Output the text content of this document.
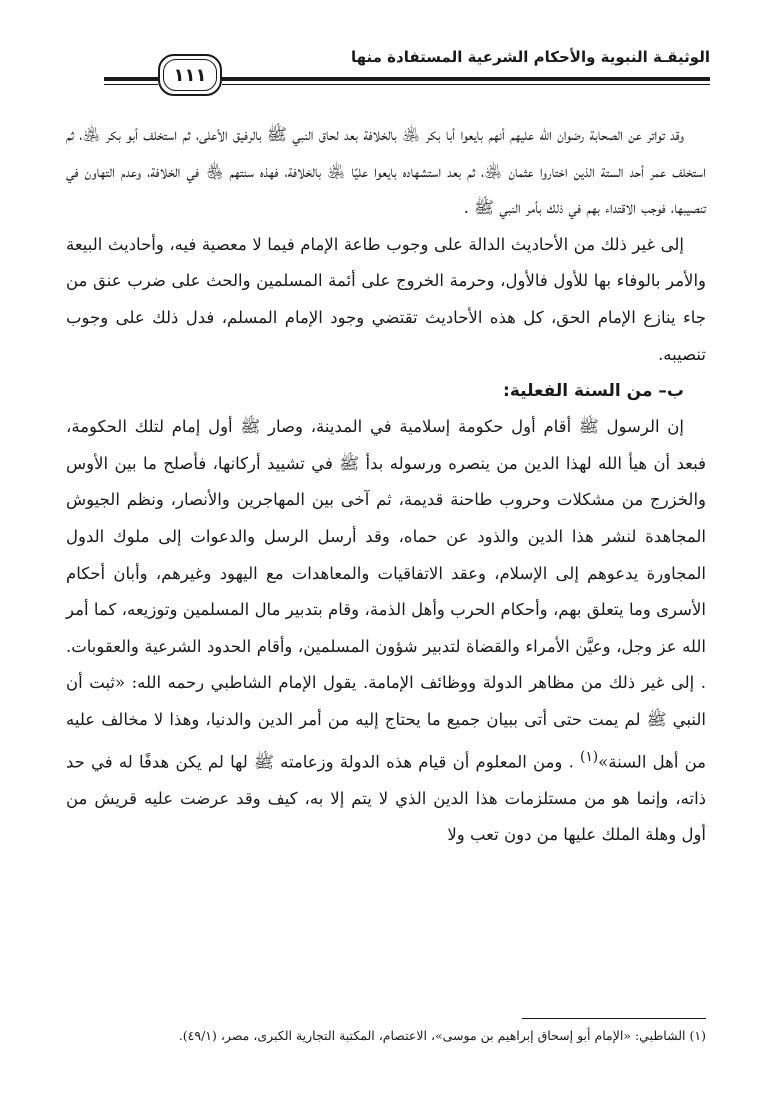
الوثيقـة النبوية والأحكام الشرعية المستفادة منها
١١١

وقد تواتر عن الصحابة رضوان الله عليهم أنهم بايعوا أبا بكر ﵁ بالخلافة بعد لحاق النبي ﷺ بالرفيق الأعلى، ثم استخلف أبو بكر ﵁، ثم استخلف عمر أحد الستة الذين اختاروا عثمان ﵁، ثم بعد استشهاده بايعوا عليًا ﵁ بالخلافة، فهذه سنتهم ﵃ في الخلافة، وعدم التهاون في تنصيبها، فوجب الاقتداء بهم في ذلك بأمر النبي ﷺ .

إلى غير ذلك من الأحاديث الدالة على وجوب طاعة الإمام فيما لا معصية فيه، وأحاديث البيعة والأمر بالوفاء بها للأول فالأول، وحرمة الخروج على أئمة المسلمين والحث على ضرب عنق من جاء ينازع الإمام الحق، كل هذه الأحاديث تقتضي وجود الإمام المسلم، فدل ذلك على وجوب تنصيبه.

ب– من السنة الفعلية:

إن الرسول ﷺ أقام أول حكومة إسلامية في المدينة، وصار ﷺ أول إمام لتلك الحكومة، فبعد أن هيأ الله لهذا الدين من ينصره ورسوله بدأ ﷺ في تشييد أركانها، فأصلح ما بين الأوس والخزرج من مشكلات وحروب طاحنة قديمة، ثم آخى بين المهاجرين والأنصار، ونظم الجيوش المجاهدة لنشر هذا الدين والذود عن حماه، وقد أرسل الرسل والدعوات إلى ملوك الدول المجاورة يدعوهم إلى الإسلام، وعقد الاتفاقيات والمعاهدات مع اليهود وغيرهم، وأبان أحكام الأسرى وما يتعلق بهم، وأحكام الحرب وأهل الذمة، وقام بتدبير مال المسلمين وتوزيعه، كما أمر الله عز وجل، وعيَّن الأمراء والقضاة لتدبير شؤون المسلمين، وأقام الحدود الشرعية والعقوبات. . إلى غير ذلك من مظاهر الدولة ووظائف الإمامة. يقول الإمام الشاطبي رحمه الله: «ثبت أن النبي ﷺ لم يمت حتى أتى ببيان جميع ما يحتاج إليه من أمر الدين والدنيا، وهذا لا مخالف عليه من أهل السنة»$^{(١)}$ . ومن المعلوم أن قيام هذه الدولة وزعامته ﷺ لها لم يكن هدفًا له في حد ذاته، وإنما هو من مستلزمات هذا الدين الذي لا يتم إلا به، كيف وقد عرضت عليه قريش من أول وهلة الملك عليها من دون تعب ولا

(١) الشاطبي: «الإمام أبو إسحاق إبراهيم بن موسى»، الاعتصام، المكتبة التجارية الكبرى، مصر، (٤٩/١).
